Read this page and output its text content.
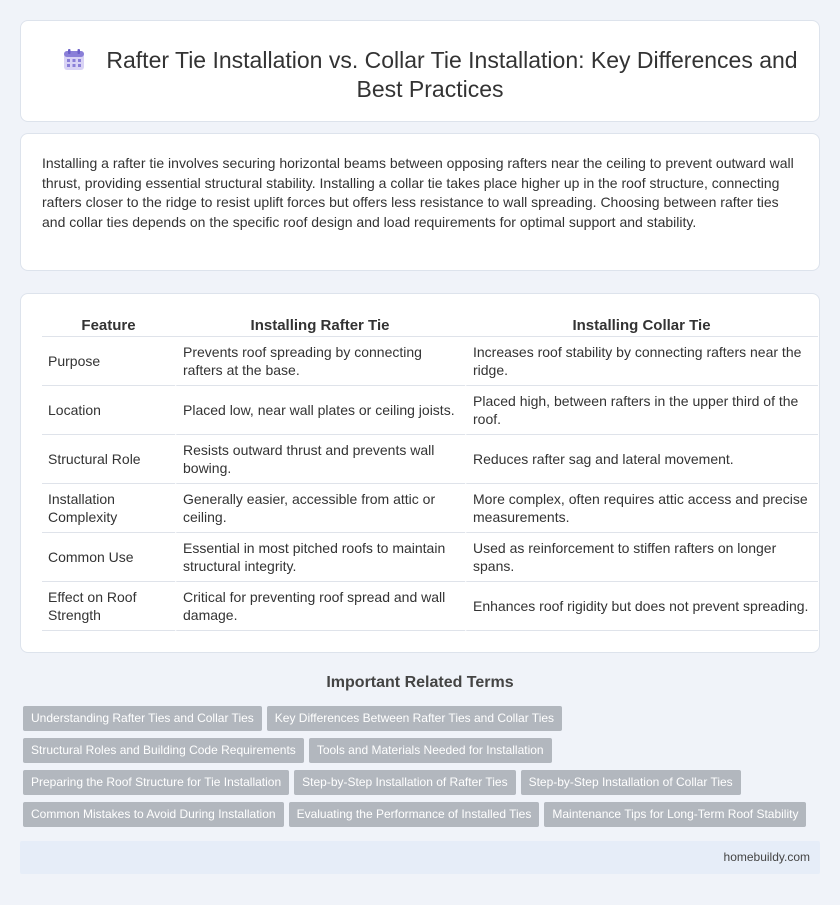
Rafter Tie Installation vs. Collar Tie Installation: Key Differences and Best Practices

Installing a rafter tie involves securing horizontal beams between opposing rafters near the ceiling to prevent outward wall thrust, providing essential structural stability. Installing a collar tie takes place higher up in the roof structure, connecting rafters closer to the ridge to resist uplift forces but offers less resistance to wall spreading. Choosing between rafter ties and collar ties depends on the specific roof design and load requirements for optimal support and stability.

Feature	Installing Rafter Tie	Installing Collar Tie
Purpose	Prevents roof spreading by connecting rafters at the base.	Increases roof stability by connecting rafters near the ridge.
Location	Placed low, near wall plates or ceiling joists.	Placed high, between rafters in the upper third of the roof.
Structural Role	Resists outward thrust and prevents wall bowing.	Reduces rafter sag and lateral movement.
Installation Complexity	Generally easier, accessible from attic or ceiling.	More complex, often requires attic access and precise measurements.
Common Use	Essential in most pitched roofs to maintain structural integrity.	Used as reinforcement to stiffen rafters on longer spans.
Effect on Roof Strength	Critical for preventing roof spread and wall damage.	Enhances roof rigidity but does not prevent spreading.
Important Related Terms
Understanding Rafter Ties and Collar Ties Key Differences Between Rafter Ties and Collar Ties
Structural Roles and Building Code Requirements Tools and Materials Needed for Installation
Preparing the Roof Structure for Tie Installation Step-by-Step Installation of Rafter Ties Step-by-Step Installation of Collar Ties
Common Mistakes to Avoid During Installation Evaluating the Performance of Installed Ties Maintenance Tips for Long-Term Roof Stability
homebuildy.com
